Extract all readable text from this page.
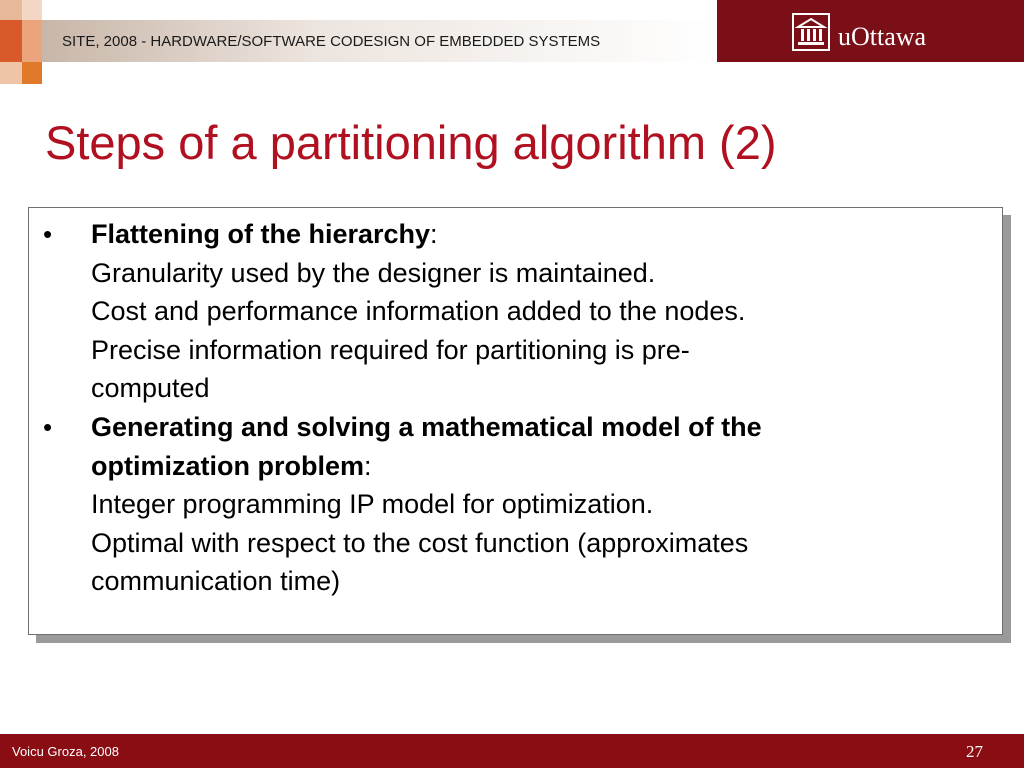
SITE, 2008 - HARDWARE/SOFTWARE CODESIGN OF EMBEDDED SYSTEMS	uOttawa
Steps of a partitioning algorithm (2)
• Flattening of the hierarchy:
Granularity used by the designer is maintained.
Cost and performance information added to the nodes.
Precise information required for partitioning is pre-
computed
• Generating and solving a mathematical model of the
optimization problem:
Integer programming IP model for optimization.
Optimal with respect to the cost function (approximates
communication time)
Voicu Groza, 2008	27
